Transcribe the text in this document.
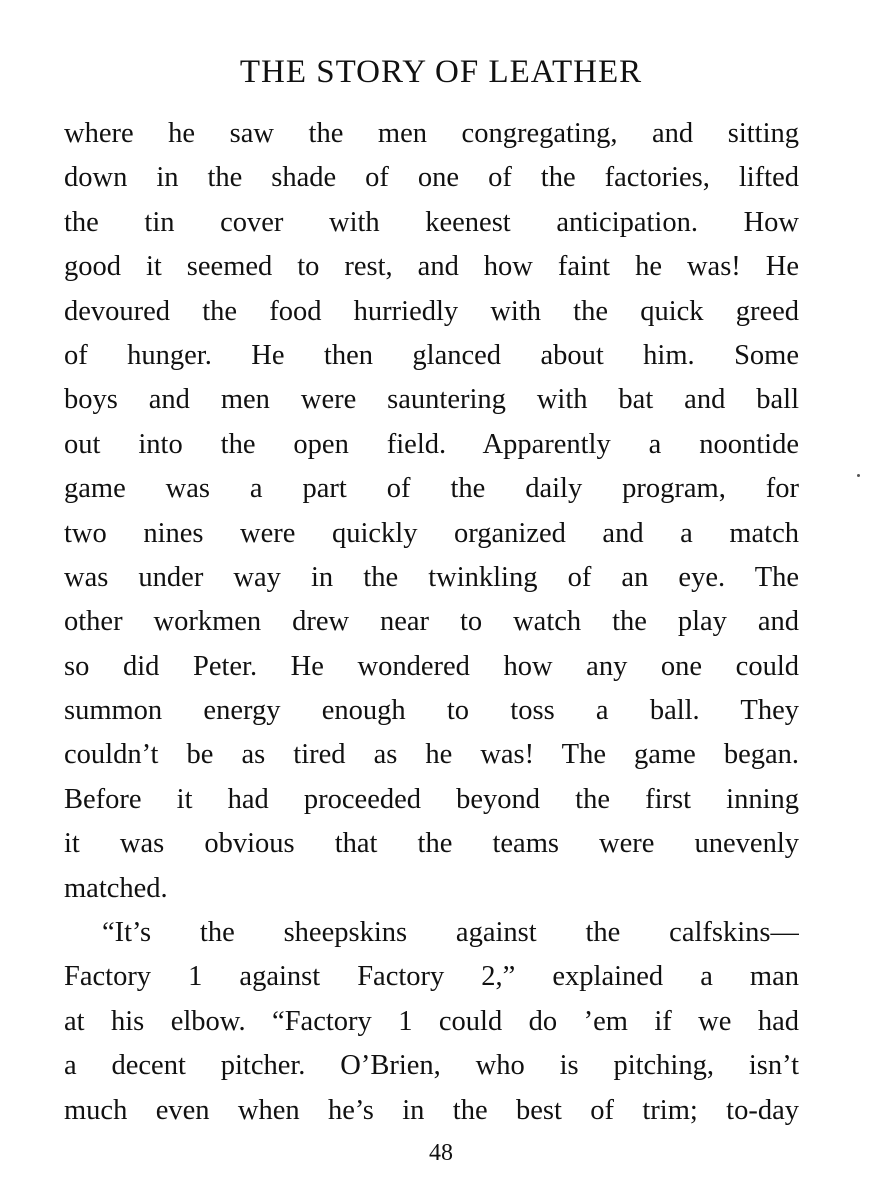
THE STORY OF LEATHER
where he saw the men congregating, and sitting
down in the shade of one of the factories, lifted
the tin cover with keenest anticipation. How
good it seemed to rest, and how faint he was! He
devoured the food hurriedly with the quick greed
of hunger. He then glanced about him. Some
boys and men were sauntering with bat and ball
out into the open field. Apparently a noontide
game was a part of the daily program, for
two nines were quickly organized and a match
was under way in the twinkling of an eye. The
other workmen drew near to watch the play and
so did Peter. He wondered how any one could
summon energy enough to toss a ball. They
couldn’t be as tired as he was! The game began.
Before it had proceeded beyond the first inning
it was obvious that the teams were unevenly
matched.
“It’s the sheepskins against the calfskins—
Factory 1 against Factory 2,” explained a man
at his elbow. “Factory 1 could do ’em if we had
a decent pitcher. O’Brien, who is pitching, isn’t
much even when he’s in the best of trim; to-day
48
